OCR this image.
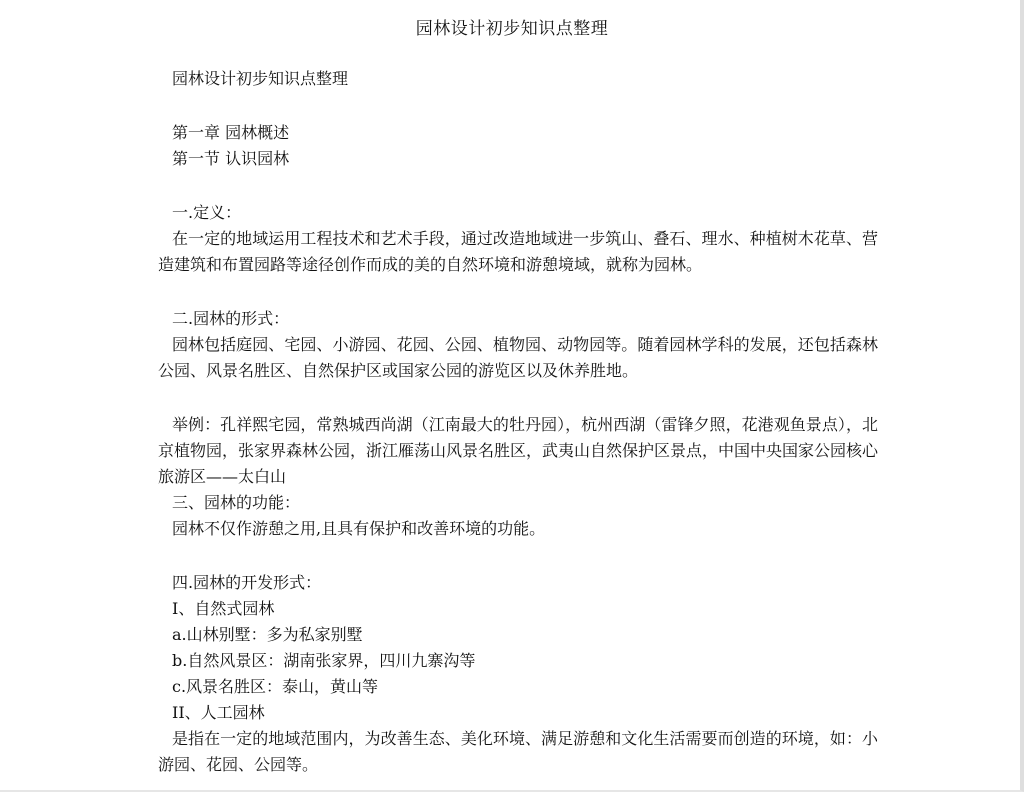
园林设计初步知识点整理
园林设计初步知识点整理
第一章 园林概述
第一节 认识园林
一.定义：

在一定的地域运用工程技术和艺术手段，通过改造地域进一步筑山、叠石、理水、种植树木花草、营造建筑和布置园路等途径创作而成的美的自然环境和游憩境域，就称为园林。

二.园林的形式：

园林包括庭园、宅园、小游园、花园、公园、植物园、动物园等。随着园林学科的发展，还包括森林公园、风景名胜区、自然保护区或国家公园的游览区以及休养胜地。

举例：孔祥熙宅园，常熟城西尚湖（江南最大的牡丹园），杭州西湖（雷锋夕照，花港观鱼景点），北京植物园，张家界森林公园，浙江雁荡山风景名胜区，武夷山自然保护区景点，中国中央国家公园核心旅游区——太白山

三、园林的功能：
园林不仅作游憩之用,且具有保护和改善环境的功能。
四.园林的开发形式：
I、自然式园林
a.山林别墅：多为私家别墅
b.自然风景区：湖南张家界，四川九寨沟等
c.风景名胜区：泰山，黄山等
II、人工园林

是指在一定的地域范围内，为改善生态、美化环境、满足游憩和文化生活需要而创造的环境，如：小游园、花园、公园等。
